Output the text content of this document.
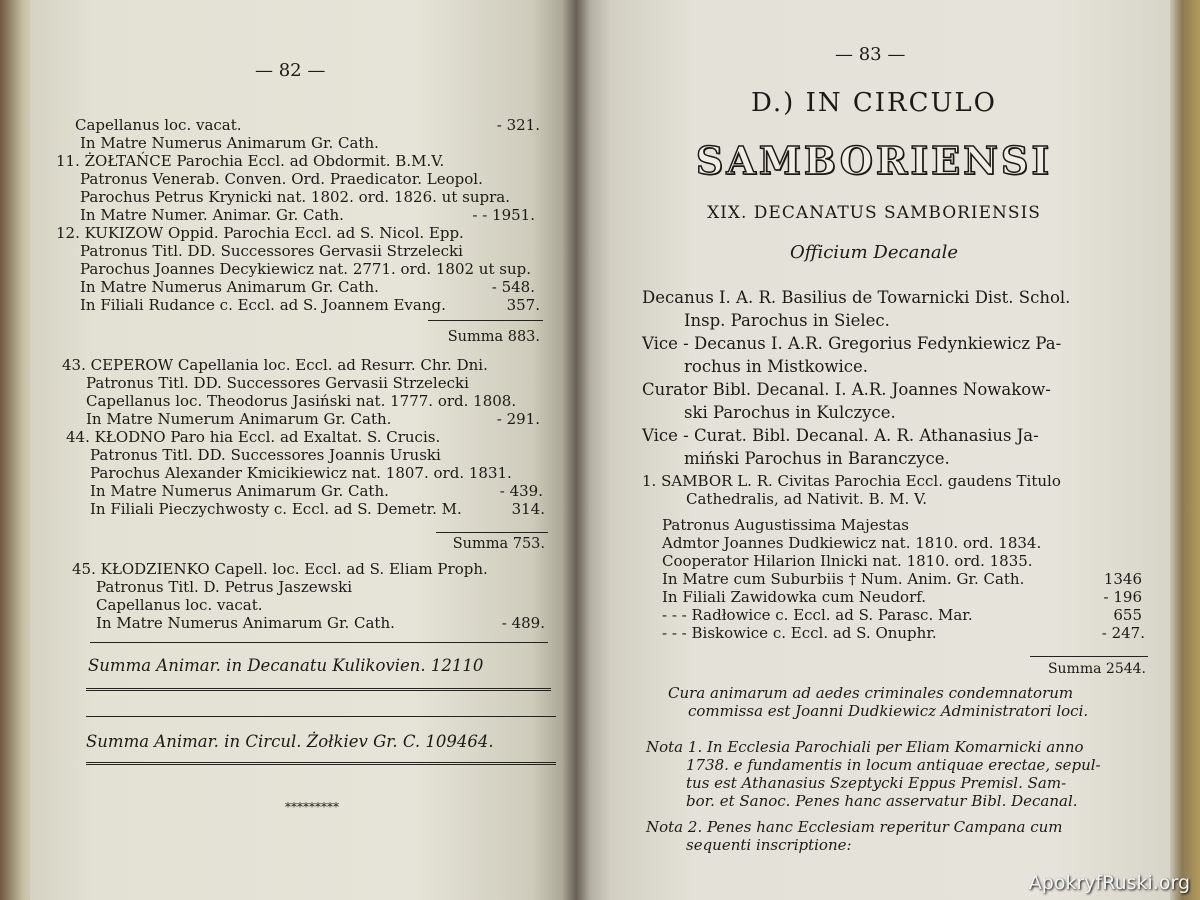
— 82 —
Capellanus loc. vacat.
In Matre Numerus Animarum Gr. Cath.
11. ŻOŁTAŃCE Parochia Eccl. ad Obdormit. B.M.V.
Patronus Venerab. Conven. Ord. Praedicator. Leopol.
Parochus Petrus Krynicki nat. 1802. ord. 1826. ut supra.
In Matre Numer. Animar. Gr. Cath.
12. KUKIZOW Oppid. Parochia Eccl. ad S. Nicol. Epp.
Patronus Titl. DD. Successores Gervasii Strzelecki
Parochus Joannes Decykiewicz nat. 2771. ord. 1802 ut sup.
In Matre Numerus Animarum Gr. Cath.
In Filiali Rudance c. Eccl. ad S. Joannem Evang.
43. CEPEROW Capellania loc. Eccl. ad Resurr. Chr. Dni.
Patronus Titl. DD. Successores Gervasii Strzelecki
Capellanus loc. Theodorus Jasiński nat. 1777. ord. 1808.
In Matre Numerum Animarum Gr. Cath.
44. KŁODNO Paro hia Eccl. ad Exaltat. S. Crucis.
Patronus Titl. DD. Successores Joannis Uruski
Parochus Alexander Kmicikiewicz nat. 1807. ord. 1831.
In Matre Numerus Animarum Gr. Cath.
In Filiali Pieczychwosty c. Eccl. ad S. Demetr. M.
45. KŁODZIENKO Capell. loc. Eccl. ad S. Eliam Proph.
Patronus Titl. D. Petrus Jaszewski
Capellanus loc. vacat.
In Matre Numerus Animarum Gr. Cath.
- 321.
- - 1951.
- 548.
357.
- 291.
- 439.
314.
- 489.
Summa 883.
Summa 753.
Summa Animar. in Decanatu Kulikovien. 12110
Summa Animar. in Circul. Żołkiev Gr. C. 109464.
*********
— 83 —
D.) IN CIRCULO
SAMBORIENSI
XIX. DECANATUS SAMBORIENSIS
Officium Decanale
Decanus I. A. R. Basilius de Towarnicki Dist. Schol.
Insp. Parochus in Sielec.
Vice - Decanus I. A.R. Gregorius Fedynkiewicz Pa-
rochus in Mistkowice.
Curator Bibl. Decanal. I. A.R. Joannes Nowakow-
ski Parochus in Kulczyce.
Vice - Curat. Bibl. Decanal. A. R. Athanasius Ja-
miński Parochus in Baranczyce.
1. SAMBOR L. R. Civitas Parochia Eccl. gaudens Titulo
Cathedralis, ad Nativit. B. M. V.
Patronus Augustissima Majestas
Admtor Joannes Dudkiewicz nat. 1810. ord. 1834.
Cooperator Hilarion Ilnicki nat. 1810. ord. 1835.
In Matre cum Suburbiis † Num. Anim. Gr. Cath.
In Filiali Zawidowka cum Neudorf.
- - - Radłowice c. Eccl. ad S. Parasc. Mar.
- - - Biskowice c. Eccl. ad S. Onuphr.
1346
- 196
655
- 247.
Summa 2544.
Cura animarum ad aedes criminales condemnatorum
commissa est Joanni Dudkiewicz Administratori loci.
Nota 1. In Ecclesia Parochiali per Eliam Komarnicki anno
1738. e fundamentis in locum antiquae erectae, sepul-
tus est Athanasius Szeptycki Eppus Premisl. Sam-
bor. et Sanoc. Penes hanc asservatur Bibl. Decanal.
Nota 2. Penes hanc Ecclesiam reperitur Campana cum
sequenti inscriptione:
ApokryfRuski.org
